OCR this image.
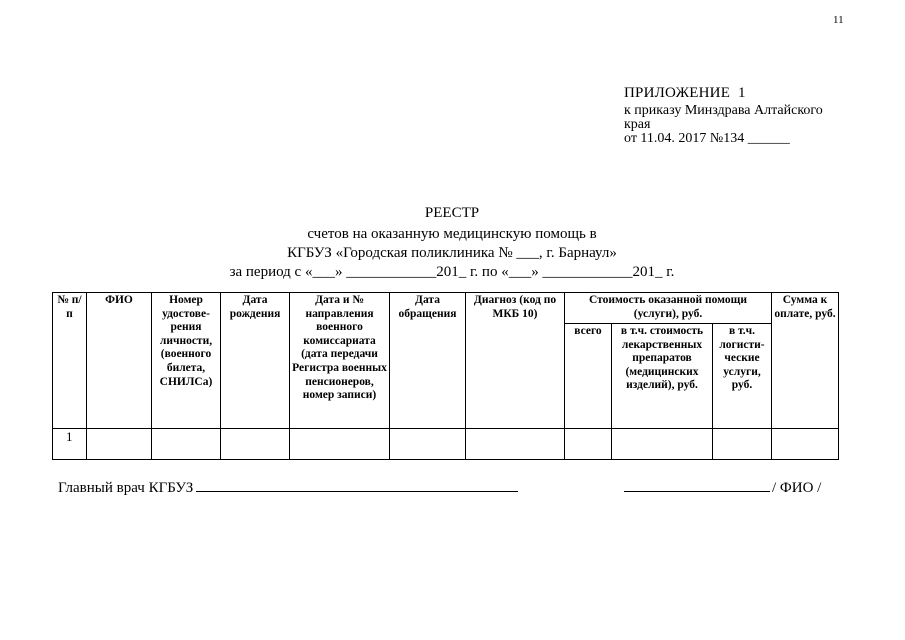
11
ПРИЛОЖЕНИЕ  1
к приказу Минздрава Алтайского
края
от 11.04. 2017 №134 ______
РЕЕСТР
счетов на оказанную медицинскую помощь в
КГБУЗ «Городская поликлиника № ___, г. Барнаул»
за период с «___» ____________201_ г. по «___» ____________201_ г.
№ п/п	ФИО	Номер удостове-рения личности, (военного билета, СНИЛСа)	Дата рождения	Дата и № направления военного комиссариата (дата передачи Регистра военных пенсионеров, номер записи)	Дата обращения	Диагноз (код по МКБ 10)	Стоимость оказанной помощи (услуги), руб.			Сумма к оплате, руб.
							всего	в т.ч. стоимость лекарственных препаратов (медицинских изделий), руб.	в т.ч. логисти-ческие услуги, руб.	
1										
Главный врач КГБУЗ	/ ФИО /
